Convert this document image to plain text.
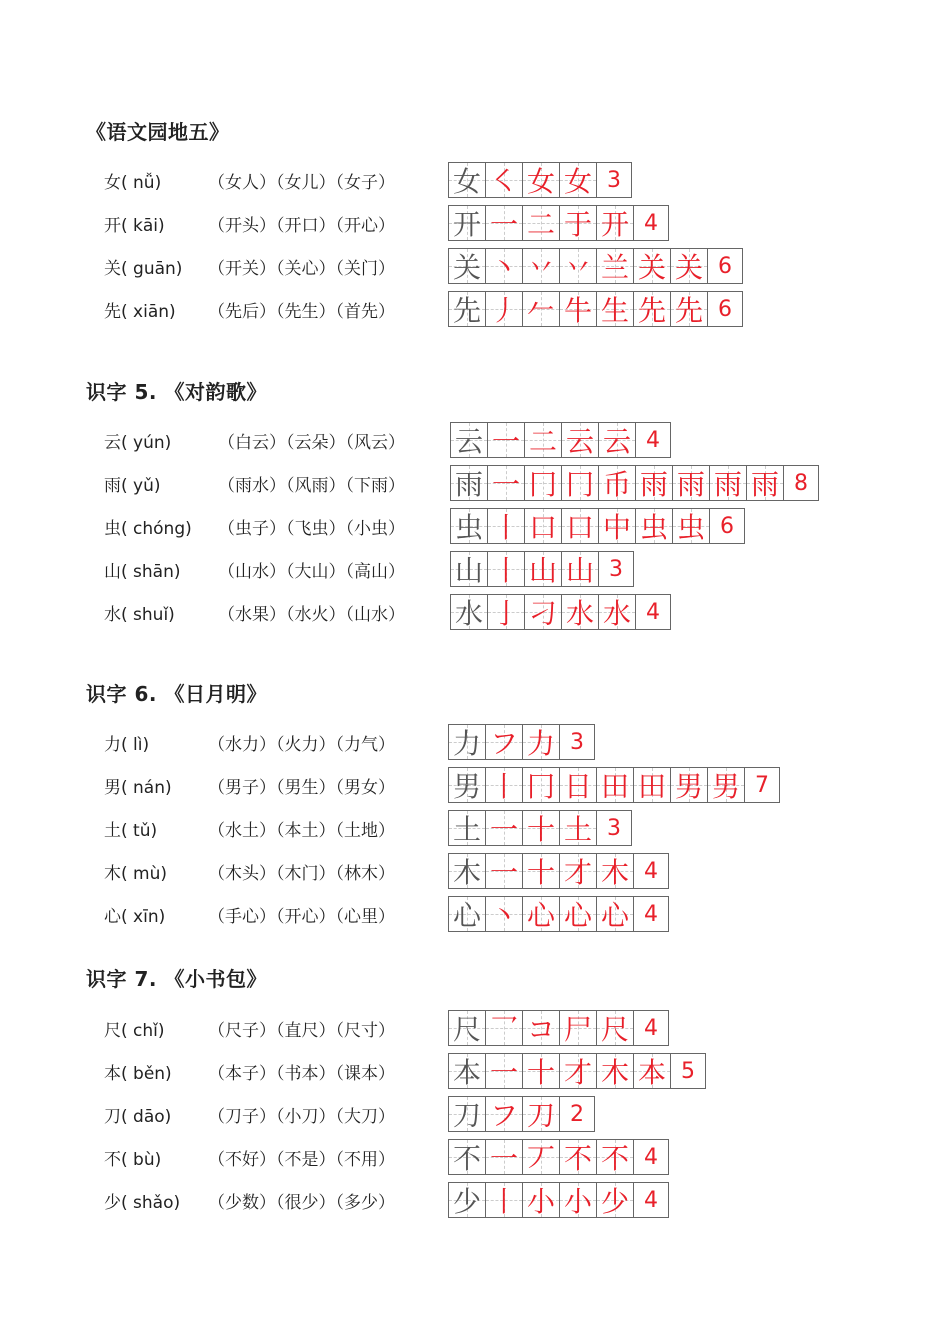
《语文园地五》
女( nǚ)	（女人）（女儿）（女子） 女 ㇛ 女 女 3
开( kāi)	（开头）（开口）（开心） 开 一 二 于 开 4
关( guān) （开关）（关心）（关门） 关 丶 丷 丷 兰 关 关 6
先( xiān) （先后）（先生）（首先） 先 丿 𠂉 牛 生 先 先 6
识字 5. 《对韵歌》
云( yún)	（白云）（云朵）（风云） 云 一 二 云 云 4
雨( yǔ)	（雨水）（风雨）（下雨） 雨 一 冂 冂 币 雨 雨 雨 雨 8
虫( chóng) （虫子）（飞虫）（小虫） 虫 丨 口 口 中 虫 虫 6
山( shān) （山水）（大山）（高山） 山 丨 山 山 3
水( shuǐ)	（水果）（水火）（山水） 水 亅 刁 水 水 4
识字 6. 《日月明》
力( lì)	（水力）（火力）（力气） 力 フ 力 3
男( nán) （男子）（男生）（男女） 男 丨 冂 日 田 田 男 男 7
土( tǔ)	（水土）（本土）（土地） 土 一 十 土 3
木( mù) （木头）（木门）（林木） 木 一 十 才 木 4
心( xīn)	（手心）（开心）（心里） 心 丶 心 心 心 4
识字 7. 《小书包》
尺( chǐ)	（尺子）（直尺）（尺寸） 尺 乛 コ 尸 尺 4
本( běn) （本子）（书本）（课本） 本 一 十 才 木 本 5
刀( dāo) （刀子）（小刀）（大刀） 刀 フ 刀 2
不( bù)	（不好）（不是）（不用） 不 一 丆 不 不 4
少( shǎo) （少数）（很少）（多少） 少 丨 小 小 少 4
